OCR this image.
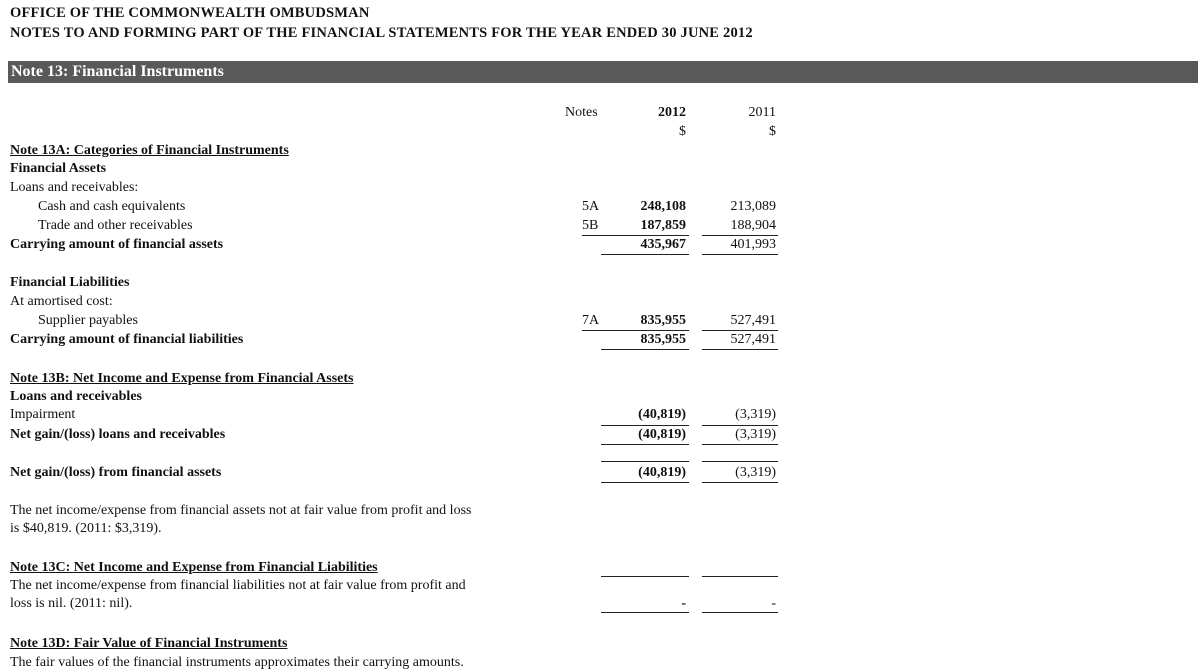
OFFICE OF THE COMMONWEALTH OMBUDSMAN
NOTES TO AND FORMING PART OF THE FINANCIAL STATEMENTS FOR THE YEAR ENDED 30 JUNE 2012
Note 13: Financial Instruments
Notes	2012	2011
$	$
Note 13A: Categories of Financial Instruments
Financial Assets
Loans and receivables:
Cash and cash equivalents	5A	248,108	213,089
Trade and other receivables	5B	187,859	188,904
Carrying amount of financial assets	435,967	401,993
Financial Liabilities
At amortised cost:
Supplier payables	7A	835,955	527,491
Carrying amount of financial liabilities	835,955	527,491
Note 13B: Net Income and Expense from Financial Assets
Loans and receivables
Impairment	(40,819)	(3,319)
Net gain/(loss) loans and receivables	(40,819)	(3,319)
Net gain/(loss) from financial assets	(40,819)	(3,319)
The net income/expense from financial assets not at fair value from profit and loss is $40,819. (2011: $3,319).
Note 13C: Net Income and Expense from Financial Liabilities
The net income/expense from financial liabilities not at fair value from profit and loss is nil. (2011: nil).	-	-
Note 13D: Fair Value of Financial Instruments
The fair values of the financial instruments approximates their carrying amounts.
